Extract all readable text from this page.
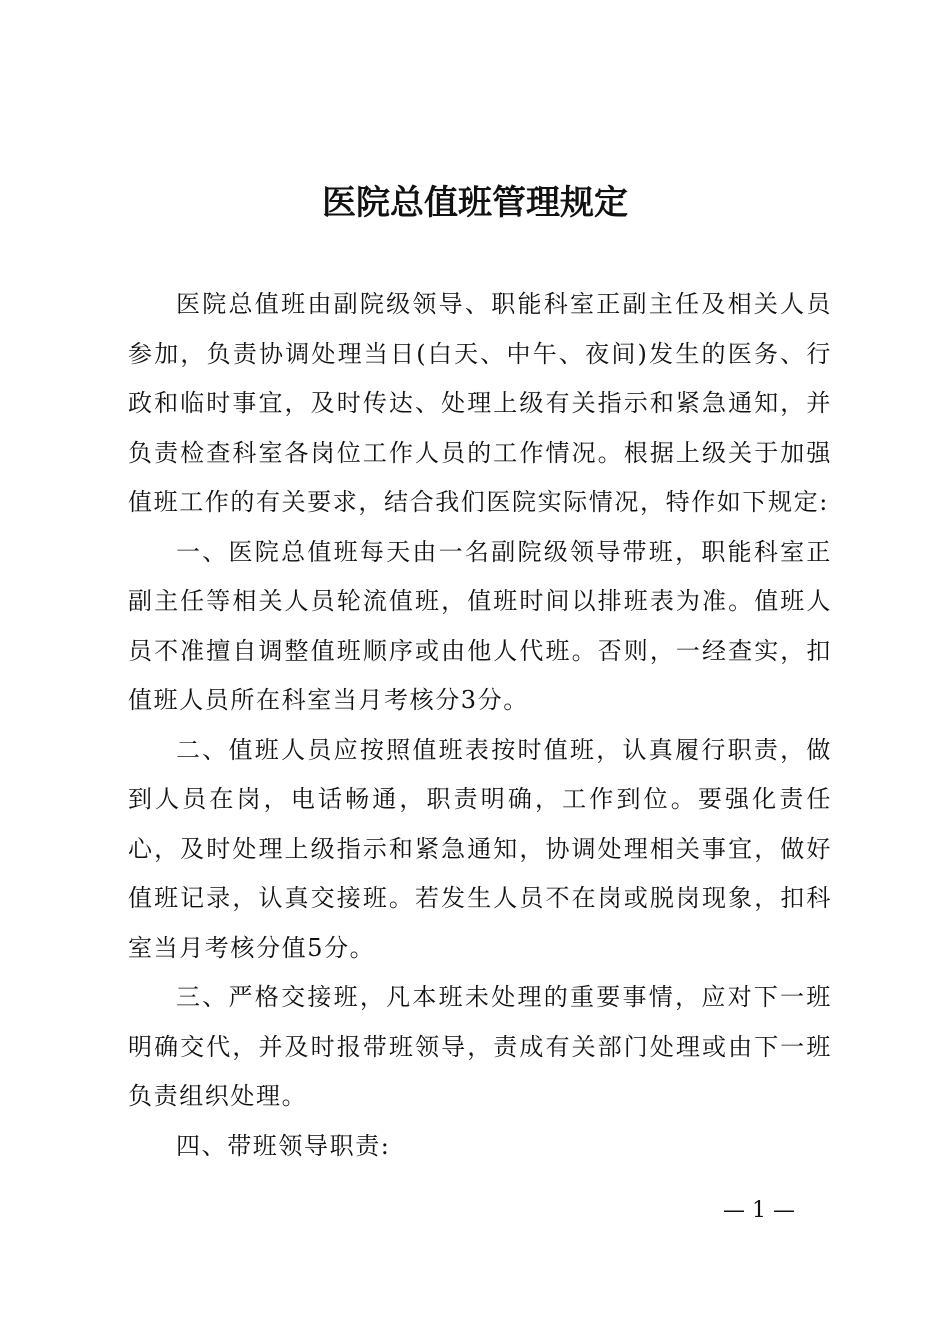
医院总值班管理规定

医院总值班由副院级领导、职能科室正副主任及相关人员参加，负责协调处理当日(白天、中午、夜间)发生的医务、行政和临时事宜，及时传达、处理上级有关指示和紧急通知，并负责检查科室各岗位工作人员的工作情况。根据上级关于加强值班工作的有关要求，结合我们医院实际情况，特作如下规定:

一、医院总值班每天由一名副院级领导带班，职能科室正副主任等相关人员轮流值班，值班时间以排班表为准。值班人员不准擅自调整值班顺序或由他人代班。否则，一经查实，扣值班人员所在科室当月考核分3分。

二、值班人员应按照值班表按时值班，认真履行职责，做到人员在岗，电话畅通，职责明确，工作到位。要强化责任心，及时处理上级指示和紧急通知，协调处理相关事宜，做好值班记录，认真交接班。若发生人员不在岗或脱岗现象，扣科室当月考核分值5分。

三、严格交接班，凡本班未处理的重要事情，应对下一班明确交代，并及时报带班领导，责成有关部门处理或由下一班负责组织处理。

四、带班领导职责:

— 1 —
